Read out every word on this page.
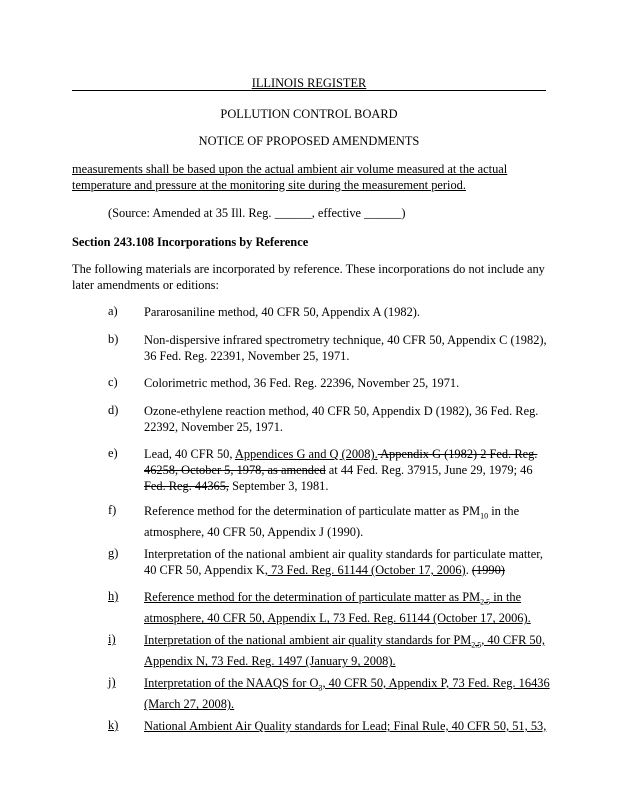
ILLINOIS REGISTER
POLLUTION CONTROL BOARD
NOTICE OF PROPOSED AMENDMENTS
measurements shall be based upon the actual ambient air volume measured at the actual
temperature and pressure at the monitoring site during the measurement period.
(Source: Amended at 35 Ill. Reg. ______, effective ______)
Section 243.108 Incorporations by Reference
The following materials are incorporated by reference. These incorporations do not include any
later amendments or editions:
a) Pararosaniline method, 40 CFR 50, Appendix A (1982).
b) Non-dispersive infrared spectrometry technique, 40 CFR 50, Appendix C (1982),
36 Fed. Reg. 22391, November 25, 1971.
c) Colorimetric method, 36 Fed. Reg. 22396, November 25, 1971.
d) Ozone-ethylene reaction method, 40 CFR 50, Appendix D (1982), 36 Fed. Reg.
22392, November 25, 1971.
e) Lead, 40 CFR 50, Appendices G and Q (2008). Appendix G (1982) 2 Fed. Reg.
46258, October 5, 1978, as amended at 44 Fed. Reg. 37915, June 29, 1979; 46
Fed. Reg. 44365, September 3, 1981.
f) Reference method for the determination of particulate matter as $PM_{10}$ in the
atmosphere, 40 CFR 50, Appendix J (1990).
g) Interpretation of the national ambient air quality standards for particulate matter,
40 CFR 50, Appendix K, 73 Fed. Reg. 61144 (October 17, 2006). (1990)
h) Reference method for the determination of particulate matter as $PM_{2.5}$ in the
atmosphere, 40 CFR 50, Appendix L, 73 Fed. Reg. 61144 (October 17, 2006).
i) Interpretation of the national ambient air quality standards for $PM_{2.5}$, 40 CFR 50,
Appendix N, 73 Fed. Reg. 1497 (January 9, 2008).
j) Interpretation of the NAAQS for $O_3$, 40 CFR 50, Appendix P, 73 Fed. Reg. 16436
(March 27, 2008).
k) National Ambient Air Quality standards for Lead; Final Rule, 40 CFR 50, 51, 53,
